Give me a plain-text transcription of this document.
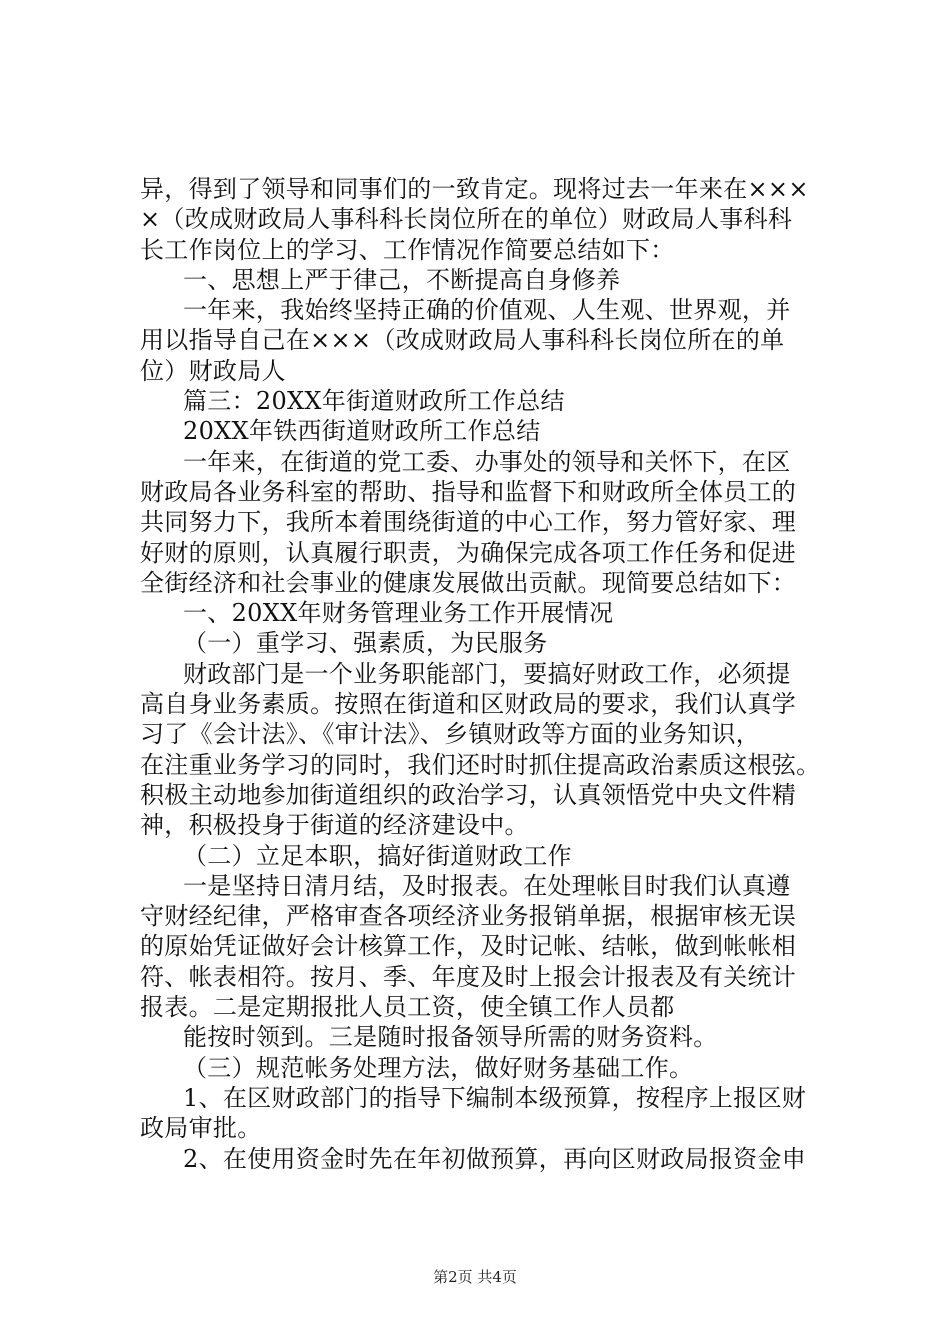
异，得到了领导和同事们的一致肯定。现将过去一年来在×××
×（改成财政局人事科科长岗位所在的单位）财政局人事科科
长工作岗位上的学习、工作情况作简要总结如下：
一、思想上严于律己，不断提高自身修养
一年来，我始终坚持正确的价值观、人生观、世界观，并
用以指导自己在×××（改成财政局人事科科长岗位所在的单
位）财政局人
篇三：20XX年街道财政所工作总结
20XX年铁西街道财政所工作总结
一年来，在街道的党工委、办事处的领导和关怀下，在区
财政局各业务科室的帮助、指导和监督下和财政所全体员工的
共同努力下，我所本着围绕街道的中心工作，努力管好家、理
好财的原则，认真履行职责，为确保完成各项工作任务和促进
全街经济和社会事业的健康发展做出贡献。现简要总结如下：
一、20XX年财务管理业务工作开展情况
（一）重学习、强素质，为民服务
财政部门是一个业务职能部门，要搞好财政工作，必须提
高自身业务素质。按照在街道和区财政局的要求，我们认真学
习了《会计法》、《审计法》、乡镇财政等方面的业务知识，
在注重业务学习的同时，我们还时时抓住提高政治素质这根弦。
积极主动地参加街道组织的政治学习，认真领悟党中央文件精
神，积极投身于街道的经济建设中。
（二）立足本职，搞好街道财政工作
一是坚持日清月结，及时报表。在处理帐目时我们认真遵
守财经纪律，严格审查各项经济业务报销单据，根据审核无误
的原始凭证做好会计核算工作，及时记帐、结帐，做到帐帐相
符、帐表相符。按月、季、年度及时上报会计报表及有关统计
报表。二是定期报批人员工资，使全镇工作人员都
能按时领到。三是随时报备领导所需的财务资料。
（三）规范帐务处理方法，做好财务基础工作。
1、在区财政部门的指导下编制本级预算，按程序上报区财
政局审批。
2、在使用资金时先在年初做预算，再向区财政局报资金申
第2页 共4页
